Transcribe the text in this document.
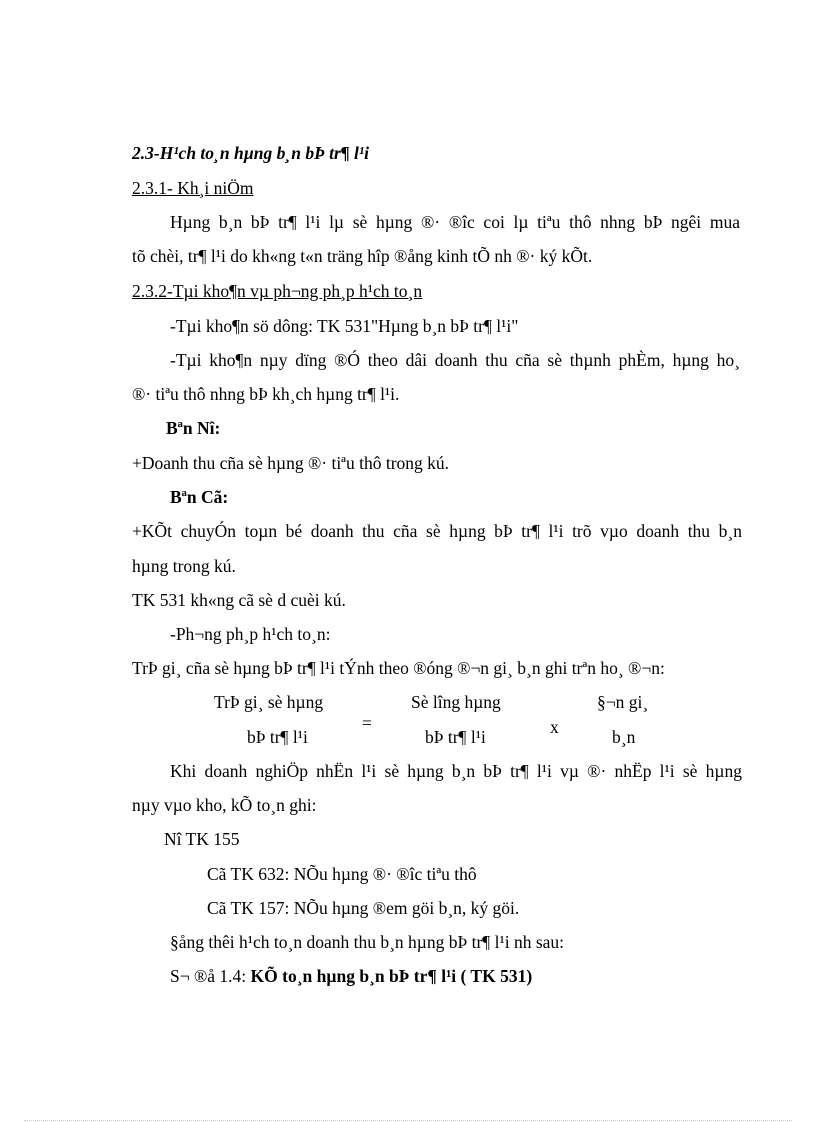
2.3-H¹ch to¸n hµng b¸n bÞ tr¶ l¹i
2.3.1- Kh¸i niÖm
Hµng b¸n bÞ tr¶ l¹i lµ sè hµng ®· ®îc coi lµ tiªu thô nhng bÞ ngêi mua
tõ chèi, tr¶ l¹i do kh«ng t«n träng hîp ®ång kinh tÕ nh ®· ký kÕt.
2.3.2-Tµi kho¶n vµ ph¬ng ph¸p h¹ch to¸n
-Tµi kho¶n sö dông: TK 531"Hµng b¸n bÞ tr¶ l¹i"
-Tµi kho¶n nµy dïng ®Ó theo dâi doanh thu cña sè thµnh phÈm, hµng ho¸
®· tiªu thô nhng bÞ kh¸ch hµng tr¶ l¹i.
Bªn Nî:
+Doanh thu cña sè hµng ®· tiªu thô trong kú.
Bªn Cã:
+KÕt chuyÓn toµn bé doanh thu cña sè hµng bÞ tr¶ l¹i trõ vµo doanh thu b¸n
hµng trong kú.
TK 531 kh«ng cã sè d cuèi kú.
-Ph¬ng ph¸p h¹ch to¸n:
TrÞ gi¸ cña sè hµng bÞ tr¶ l¹i tÝnh theo ®óng ®¬n gi¸ b¸n ghi trªn ho¸ ®¬n:
TrÞ gi¸ sè hµng
bÞ tr¶ l¹i
=
Sè lîng hµng
bÞ tr¶ l¹i	x
§¬n gi¸
b¸n
Khi doanh nghiÖp nhËn l¹i sè hµng b¸n bÞ tr¶ l¹i vµ ®· nhËp l¹i sè hµng
nµy vµo kho, kÕ to¸n ghi:
Nî TK 155
Cã TK 632: NÕu hµng ®· ®îc tiªu thô
Cã TK 157: NÕu hµng ®em göi b¸n, ký göi.
§ång thêi h¹ch to¸n doanh thu b¸n hµng bÞ tr¶ l¹i nh sau:
S¬ ®å 1.4: KÕ to¸n hµng b¸n bÞ tr¶ l¹i ( TK 531)
